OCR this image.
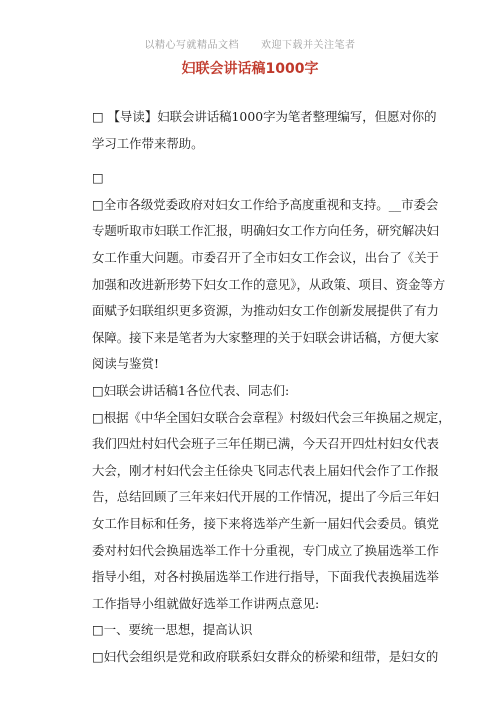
以精心写就精品文档 欢迎下载并关注笔者
妇联会讲话稿1000字
□ 【导读】妇联会讲话稿1000字为笔者整理编写，但愿对你的
学习工作带来帮助。
□
□全市各级党委政府对妇女工作给予高度重视和支持。__市委会
专题听取市妇联工作汇报，明确妇女工作方向任务，研究解决妇
女工作重大问题。市委召开了全市妇女工作会议，出台了《关于
加强和改进新形势下妇女工作的意见》，从政策、项目、资金等方
面赋予妇联组织更多资源，为推动妇女工作创新发展提供了有力
保障。接下来是笔者为大家整理的关于妇联会讲话稿，方便大家
阅读与鉴赏!
□妇联会讲话稿1各位代表、同志们:
□根据《中华全国妇女联合会章程》村级妇代会三年换届之规定，
我们四灶村妇代会班子三年任期已满，今天召开四灶村妇女代表
大会，刚才村妇代会主任徐央飞同志代表上届妇代会作了工作报
告，总结回顾了三年来妇代开展的工作情况，提出了今后三年妇
女工作目标和任务，接下来将选举产生新一届妇代会委员。镇党
委对村妇代会换届选举工作十分重视，专门成立了换届选举工作
指导小组，对各村换届选举工作进行指导，下面我代表换届选举
工作指导小组就做好选举工作讲两点意见:
□一、要统一思想，提高认识
□妇代会组织是党和政府联系妇女群众的桥梁和纽带，是妇女的
